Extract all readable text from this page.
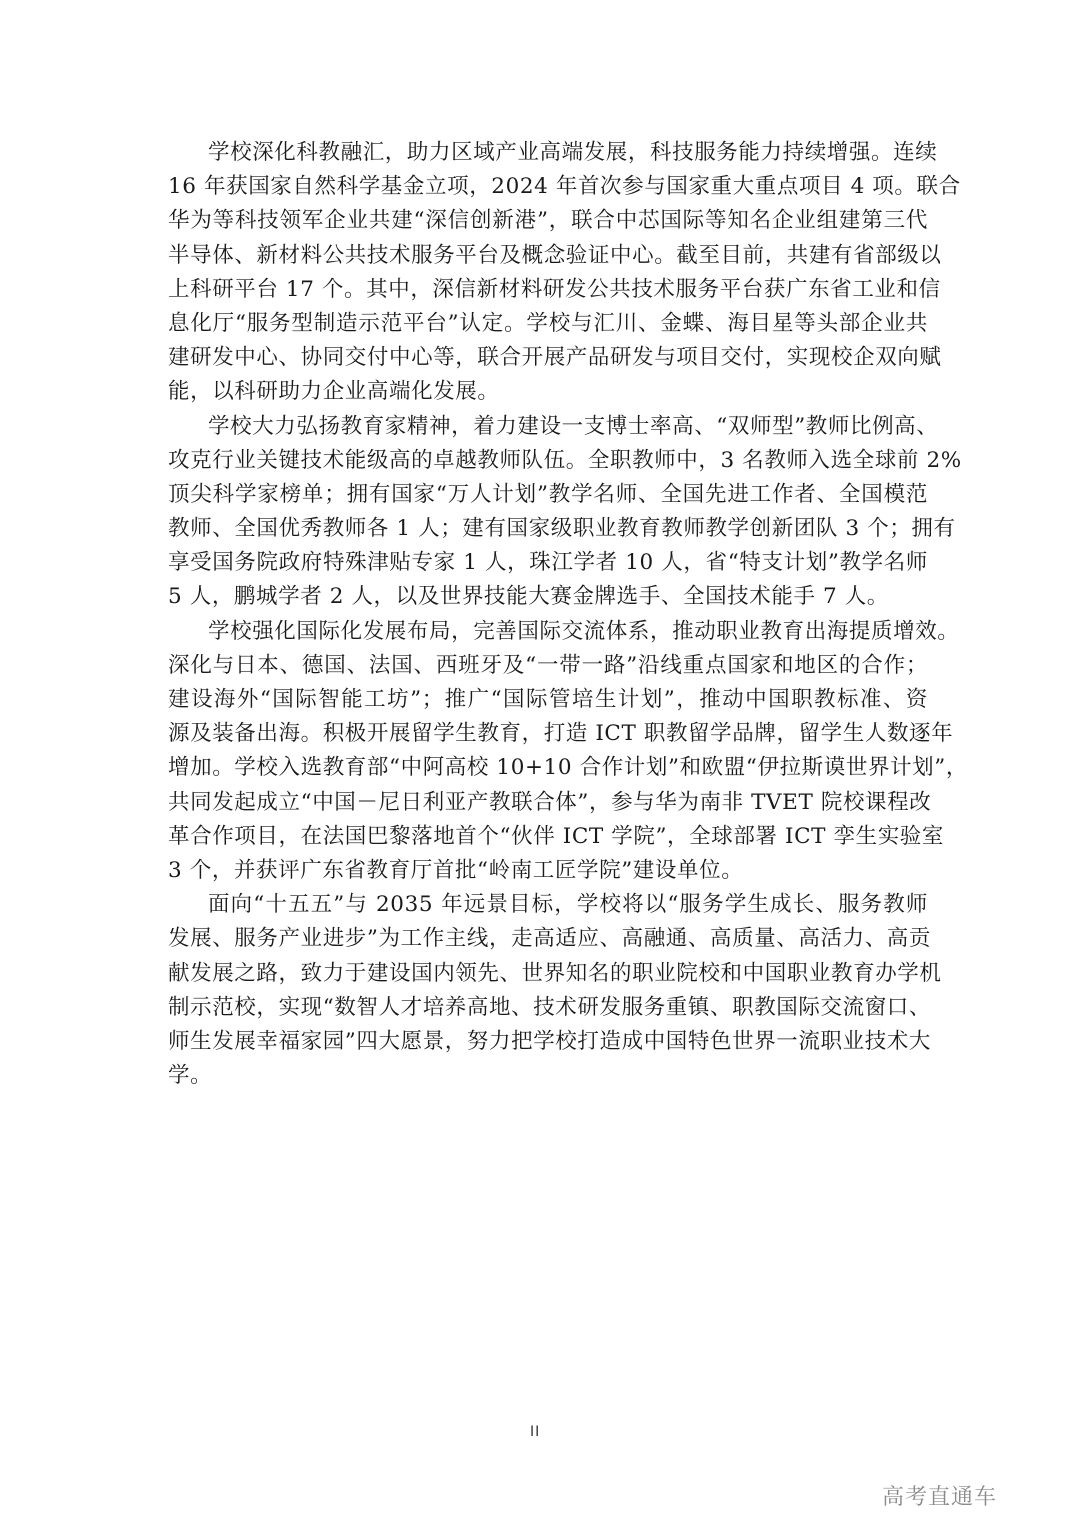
学校深化科教融汇，助力区域产业高端发展，科技服务能力持续增强。连续
16 年获国家自然科学基金立项，2024 年首次参与国家重大重点项目 4 项。联合
华为等科技领军企业共建“深信创新港”，联合中芯国际等知名企业组建第三代
半导体、新材料公共技术服务平台及概念验证中心。截至目前，共建有省部级以
上科研平台 17 个。其中，深信新材料研发公共技术服务平台获广东省工业和信
息化厅“服务型制造示范平台”认定。学校与汇川、金蝶、海目星等头部企业共
建研发中心、协同交付中心等，联合开展产品研发与项目交付，实现校企双向赋
能，以科研助力企业高端化发展。
学校大力弘扬教育家精神，着力建设一支博士率高、“双师型”教师比例高、
攻克行业关键技术能级高的卓越教师队伍。全职教师中，3 名教师入选全球前 2%
顶尖科学家榜单；拥有国家“万人计划”教学名师、全国先进工作者、全国模范
教师、全国优秀教师各 1 人；建有国家级职业教育教师教学创新团队 3 个；拥有
享受国务院政府特殊津贴专家 1 人，珠江学者 10 人，省“特支计划”教学名师
5 人，鹏城学者 2 人，以及世界技能大赛金牌选手、全国技术能手 7 人。
学校强化国际化发展布局，完善国际交流体系，推动职业教育出海提质增效。
深化与日本、德国、法国、西班牙及“一带一路”沿线重点国家和地区的合作；
建设海外“国际智能工坊”；推广“国际管培生计划”，推动中国职教标准、资
源及装备出海。积极开展留学生教育，打造 ICT 职教留学品牌，留学生人数逐年
增加。学校入选教育部“中阿高校 10+10 合作计划”和欧盟“伊拉斯谟世界计划”，
共同发起成立“中国－尼日利亚产教联合体”，参与华为南非 TVET 院校课程改
革合作项目，在法国巴黎落地首个“伙伴 ICT 学院”，全球部署 ICT 孪生实验室
3 个，并获评广东省教育厅首批“岭南工匠学院”建设单位。
面向“十五五”与 2035 年远景目标，学校将以“服务学生成长、服务教师
发展、服务产业进步”为工作主线，走高适应、高融通、高质量、高活力、高贡
献发展之路，致力于建设国内领先、世界知名的职业院校和中国职业教育办学机
制示范校，实现“数智人才培养高地、技术研发服务重镇、职教国际交流窗口、
师生发展幸福家园”四大愿景，努力把学校打造成中国特色世界一流职业技术大
学。
II
高考直通车
